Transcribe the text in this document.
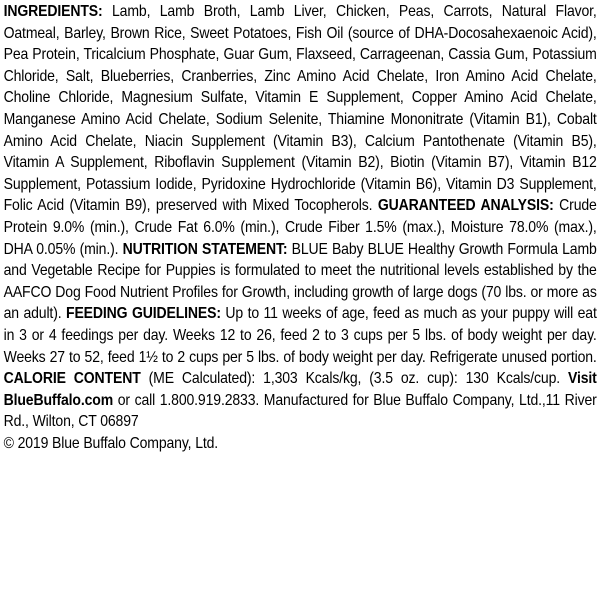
INGREDIENTS: Lamb, Lamb Broth, Lamb Liver, Chicken, Peas, Carrots, Natural Flavor, Oatmeal, Barley, Brown Rice, Sweet Potatoes, Fish Oil (source of DHA-Docosahexaenoic Acid), Pea Protein, Tricalcium Phosphate, Guar Gum, Flaxseed, Carrageenan, Cassia Gum, Potassium Chloride, Salt, Blueberries, Cranberries, Zinc Amino Acid Chelate, Iron Amino Acid Chelate, Choline Chloride, Magnesium Sulfate, Vitamin E Supplement, Copper Amino Acid Chelate, Manganese Amino Acid Chelate, Sodium Selenite, Thiamine Mononitrate (Vitamin B1), Cobalt Amino Acid Chelate, Niacin Supplement (Vitamin B3), Calcium Pantothenate (Vitamin B5), Vitamin A Supplement, Riboflavin Supplement (Vitamin B2), Biotin (Vitamin B7), Vitamin B12 Supplement, Potassium Iodide, Pyridoxine Hydrochloride (Vitamin B6), Vitamin D3 Supplement, Folic Acid (Vitamin B9), preserved with Mixed Tocopherols. GUARANTEED ANALYSIS: Crude Protein 9.0% (min.), Crude Fat 6.0% (min.), Crude Fiber 1.5% (max.), Moisture 78.0% (max.), DHA 0.05% (min.). NUTRITION STATEMENT: BLUE Baby BLUE Healthy Growth Formula Lamb and Vegetable Recipe for Puppies is formulated to meet the nutritional levels established by the AAFCO Dog Food Nutrient Profiles for Growth, including growth of large dogs (70 lbs. or more as an adult). FEEDING GUIDELINES: Up to 11 weeks of age, feed as much as your puppy will eat in 3 or 4 feedings per day. Weeks 12 to 26, feed 2 to 3 cups per 5 lbs. of body weight per day. Weeks 27 to 52, feed 1½ to 2 cups per 5 lbs. of body weight per day. Refrigerate unused portion. CALORIE CONTENT (ME Calculated): 1,303 Kcals/kg, (3.5 oz. cup): 130 Kcals/cup. Visit BlueBuffalo.com or call 1.800.919.2833. Manufactured for Blue Buffalo Company, Ltd.,11 River Rd., Wilton, CT 06897

© 2019 Blue Buffalo Company, Ltd.
